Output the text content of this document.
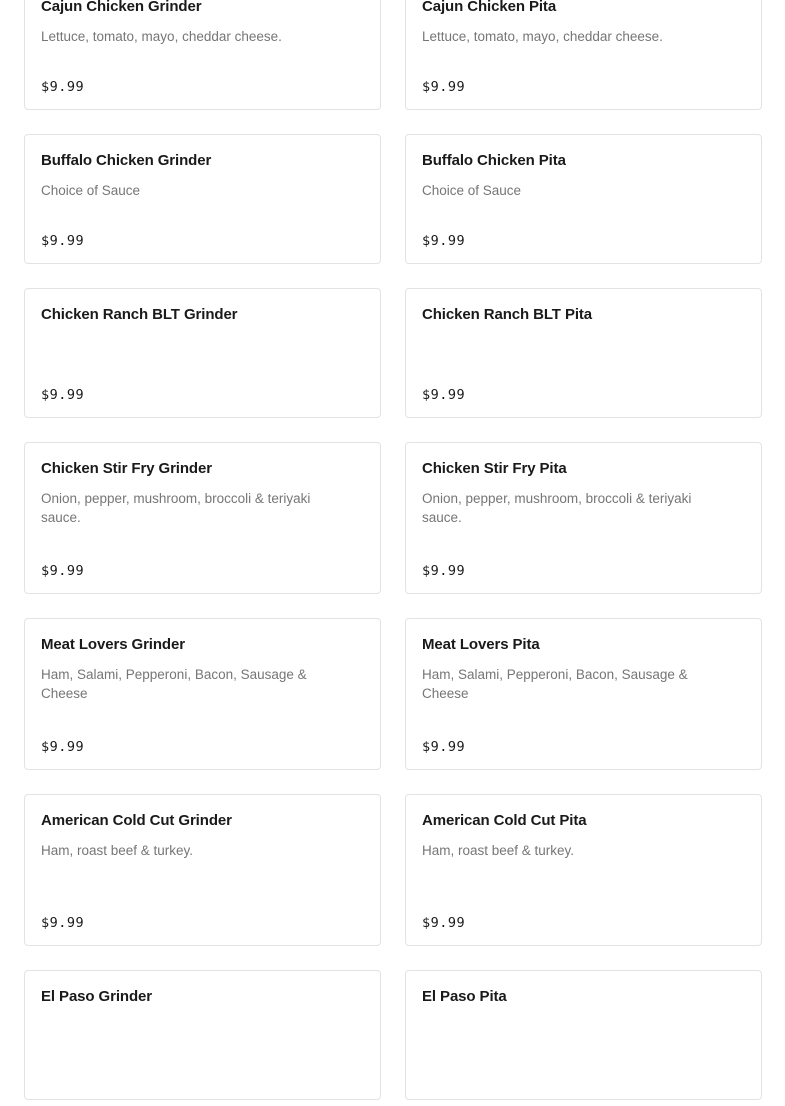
Cajun Chicken Grinder
Lettuce, tomato, mayo, cheddar cheese.
$9.99
Cajun Chicken Pita
Lettuce, tomato, mayo, cheddar cheese.
$9.99
Buffalo Chicken Grinder
Choice of Sauce
$9.99
Buffalo Chicken Pita
Choice of Sauce
$9.99
Chicken Ranch BLT Grinder
$9.99
Chicken Ranch BLT Pita
$9.99
Chicken Stir Fry Grinder
Onion, pepper, mushroom, broccoli & teriyaki sauce.
$9.99
Chicken Stir Fry Pita
Onion, pepper, mushroom, broccoli & teriyaki sauce.
$9.99
Meat Lovers Grinder
Ham, Salami, Pepperoni, Bacon, Sausage & Cheese
$9.99
Meat Lovers Pita
Ham, Salami, Pepperoni, Bacon, Sausage & Cheese
$9.99
American Cold Cut Grinder
Ham, roast beef & turkey.
$9.99
American Cold Cut Pita
Ham, roast beef & turkey.
$9.99
El Paso Grinder	El Paso Pita
